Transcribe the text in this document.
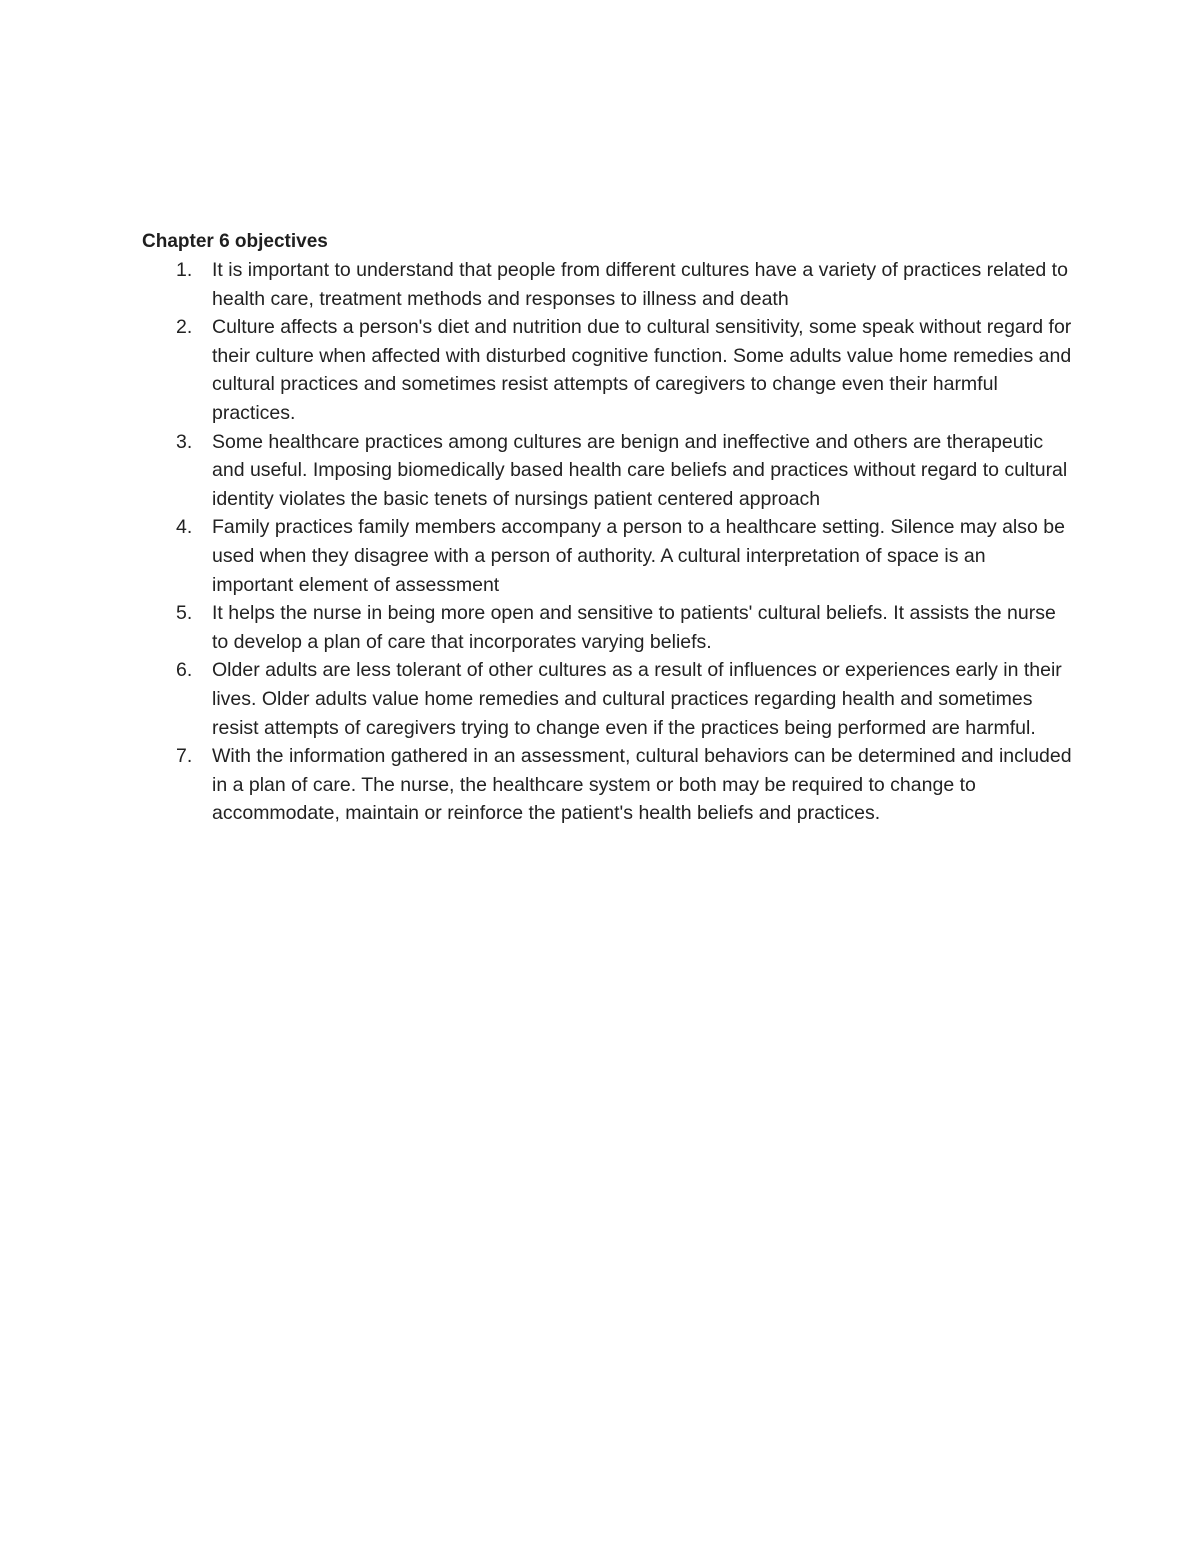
Chapter 6 objectives
1.	It is important to understand that people from different cultures have a variety of practices related to health care, treatment methods and responses to illness and death
2.	Culture affects a person's diet and nutrition due to cultural sensitivity, some speak without regard for their culture when affected with disturbed cognitive function. Some adults value home remedies and cultural practices and sometimes resist attempts of caregivers to change even their harmful practices.
3.	Some healthcare practices among cultures are benign and ineffective and others are therapeutic and useful. Imposing biomedically based health care beliefs and practices without regard to cultural identity violates the basic tenets of nursings patient centered approach
4.	Family practices family members accompany a person to a healthcare setting. Silence may also be used when they disagree with a person of authority. A cultural interpretation of space is an important element of assessment
5.	It helps the nurse in being more open and sensitive to patients' cultural beliefs. It assists the nurse to develop a plan of care that incorporates varying beliefs.
6.	Older adults are less tolerant of other cultures as a result of influences or experiences early in their lives. Older adults value home remedies and cultural practices regarding health and sometimes resist attempts of caregivers trying to change even if the practices being performed are harmful.
7.	With the information gathered in an assessment, cultural behaviors can be determined and included in a plan of care. The nurse, the healthcare system or both may be required to change to accommodate, maintain or reinforce the patient's health beliefs and practices.
